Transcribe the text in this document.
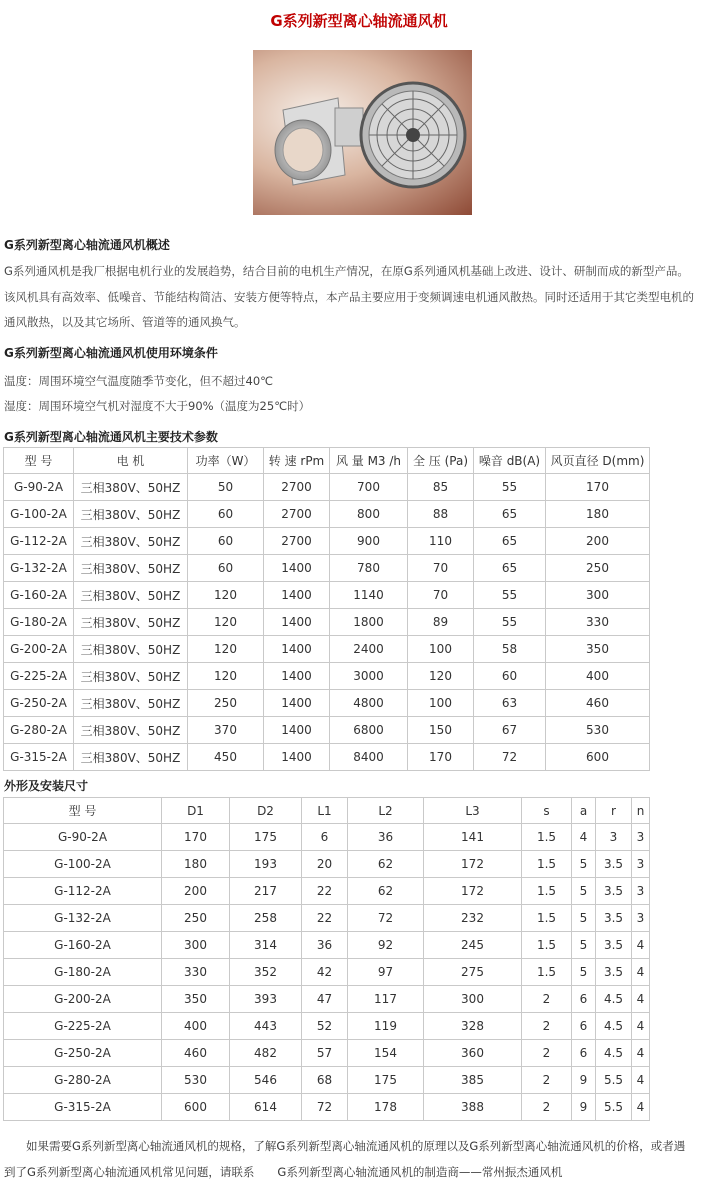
G系列新型离心轴流通风机
G系列新型离心轴流通风机概述
G系列通风机是我厂根据电机行业的发展趋势，结合目前的电机生产情况，在原G系列通风机基础上改进、设计、研制而成的新型产品。
该风机具有高效率、低噪音、节能结构简洁、安装方便等特点，本产品主要应用于变频调速电机通风散热。同时还适用于其它类型电机的
通风散热，以及其它场所、管道等的通风换气。
G系列新型离心轴流通风机使用环境条件
温度：周围环境空气温度随季节变化，但不超过40℃
湿度：周围环境空气机对湿度不大于90%（温度为25℃时）
G系列新型离心轴流通风机主要技术参数
型 号	电 机	功率（W）	转 速 rPm	风 量 M3 /h	全 压 (Pa)	噪音 dB(A)	风页直径 D(mm)
G-90-2A	三相380V、50HZ	50	2700	700	85	55	170
G-100-2A	三相380V、50HZ	60	2700	800	88	65	180
G-112-2A	三相380V、50HZ	60	2700	900	110	65	200
G-132-2A	三相380V、50HZ	60	1400	780	70	65	250
G-160-2A	三相380V、50HZ	120	1400	1140	70	55	300
G-180-2A	三相380V、50HZ	120	1400	1800	89	55	330
G-200-2A	三相380V、50HZ	120	1400	2400	100	58	350
G-225-2A	三相380V、50HZ	120	1400	3000	120	60	400
G-250-2A	三相380V、50HZ	250	1400	4800	100	63	460
G-280-2A	三相380V、50HZ	370	1400	6800	150	67	530
G-315-2A	三相380V、50HZ	450	1400	8400	170	72	600
外形及安装尺寸
型 号	D1	D2	L1	L2	L3	s	a	r	n
G-90-2A	170	175	6	36	141	1.5	4	3	3
G-100-2A	180	193	20	62	172	1.5	5	3.5	3
G-112-2A	200	217	22	62	172	1.5	5	3.5	3
G-132-2A	250	258	22	72	232	1.5	5	3.5	3
G-160-2A	300	314	36	92	245	1.5	5	3.5	4
G-180-2A	330	352	42	97	275	1.5	5	3.5	4
G-200-2A	350	393	47	117	300	2	6	4.5	4
G-225-2A	400	443	52	119	328	2	6	4.5	4
G-250-2A	460	482	57	154	360	2	6	4.5	4
G-280-2A	530	546	68	175	385	2	9	5.5	4
G-315-2A	600	614	72	178	388	2	9	5.5	4
如果需要G系列新型离心轴流通风机的规格，了解G系列新型离心轴流通风机的原理以及G系列新型离心轴流通风机的价格，或者遇
到了G系列新型离心轴流通风机常见问题，请联系　　G系列新型离心轴流通风机的制造商——常州振杰通风机
